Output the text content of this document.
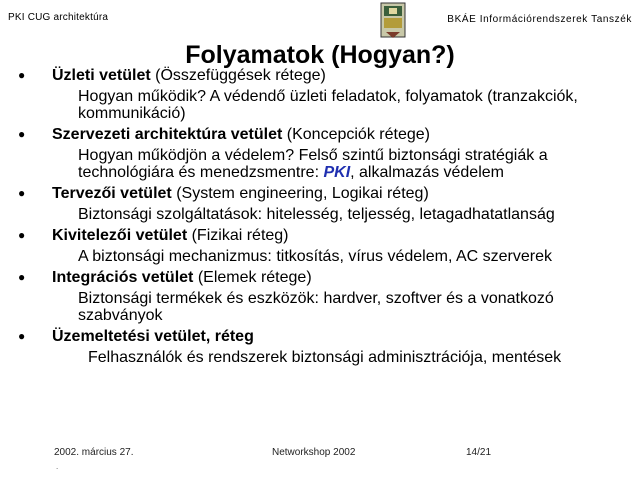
PKI CUG architektúra	BKÁE Információrendszerek Tanszék
Folyamatok (Hogyan?)
● Üzleti vetület (Összefüggések rétege)
Hogyan működik? A védendő üzleti feladatok, folyamatok (tranzakciók, kommunikáció)
● Szervezeti architektúra vetület (Koncepciók rétege)
Hogyan működjön a védelem? Felső szintű biztonsági stratégiák a technológiára és menedzsmentre: PKI, alkalmazás védelem
● Tervezői vetület (System engineering, Logikai réteg)
Biztonsági szolgáltatások: hitelesség, teljesség, letagadhatatlanság
● Kivitelezői vetület (Fizikai réteg)
A biztonsági mechanizmus: titkosítás, vírus védelem, AC szerverek
● Integrációs vetület (Elemek rétege)
Biztonsági termékek és eszközök: hardver, szoftver és a vonatkozó szabványok
● Üzemeltetési vetület, réteg
Felhasználók és rendszerek biztonsági adminisztrációja, mentések
2002. március 27.	Networkshop 2002	14/21
.
